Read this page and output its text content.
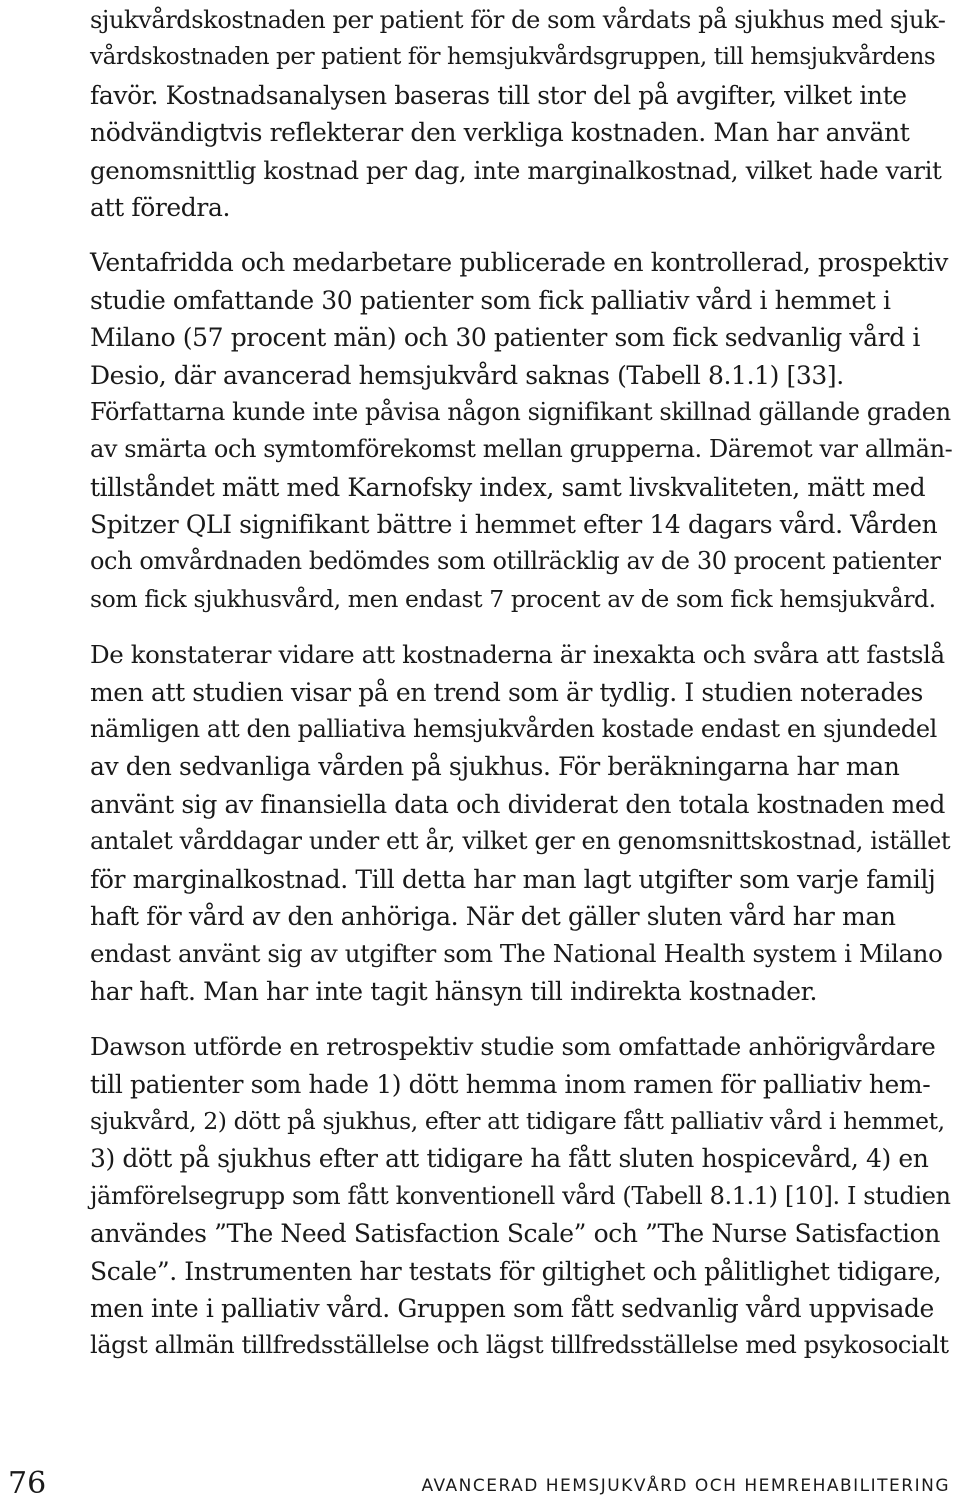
sjukvårdskostnaden per patient för de som vårdats på sjukhus med sjuk-
vårdskostnaden per patient för hemsjukvårdsgruppen, till hemsjukvårdens
favör. Kostnadsanalysen baseras till stor del på avgifter, vilket inte
nödvändigtvis reflekterar den verkliga kostnaden. Man har använt
genomsnittlig kostnad per dag, inte marginalkostnad, vilket hade varit
att föredra.
Ventafridda och medarbetare publicerade en kontrollerad, prospektiv
studie omfattande 30 patienter som fick palliativ vård i hemmet i
Milano (57 procent män) och 30 patienter som fick sedvanlig vård i
Desio, där avancerad hemsjukvård saknas (Tabell 8.1.1) [33].
Författarna kunde inte påvisa någon signifikant skillnad gällande graden
av smärta och symtomförekomst mellan grupperna. Däremot var allmän-
tillståndet mätt med Karnofsky index, samt livskvaliteten, mätt med
Spitzer QLI signifikant bättre i hemmet efter 14 dagars vård. Vården
och omvårdnaden bedömdes som otillräcklig av de 30 procent patienter
som fick sjukhusvård, men endast 7 procent av de som fick hemsjukvård.
De konstaterar vidare att kostnaderna är inexakta och svåra att fastslå
men att studien visar på en trend som är tydlig. I studien noterades
nämligen att den palliativa hemsjukvården kostade endast en sjundedel
av den sedvanliga vården på sjukhus. För beräkningarna har man
använt sig av finansiella data och dividerat den totala kostnaden med
antalet vårddagar under ett år, vilket ger en genomsnittskostnad, istället
för marginalkostnad. Till detta har man lagt utgifter som varje familj
haft för vård av den anhöriga. När det gäller sluten vård har man
endast använt sig av utgifter som The National Health system i Milano
har haft. Man har inte tagit hänsyn till indirekta kostnader.
Dawson utförde en retrospektiv studie som omfattade anhörigvårdare
till patienter som hade 1) dött hemma inom ramen för palliativ hem-
sjukvård, 2) dött på sjukhus, efter att tidigare fått palliativ vård i hemmet,
3) dött på sjukhus efter att tidigare ha fått sluten hospicevård, 4) en
jämförelsegrupp som fått konventionell vård (Tabell 8.1.1) [10]. I studien
användes ”The Need Satisfaction Scale” och ”The Nurse Satisfaction
Scale”. Instrumenten har testats för giltighet och pålitlighet tidigare,
men inte i palliativ vård. Gruppen som fått sedvanlig vård uppvisade
lägst allmän tillfredsställelse och lägst tillfredsställelse med psykosocialt
76	AVANCERAD HEMSJUKVÅRD OCH HEMREHABILITERING
